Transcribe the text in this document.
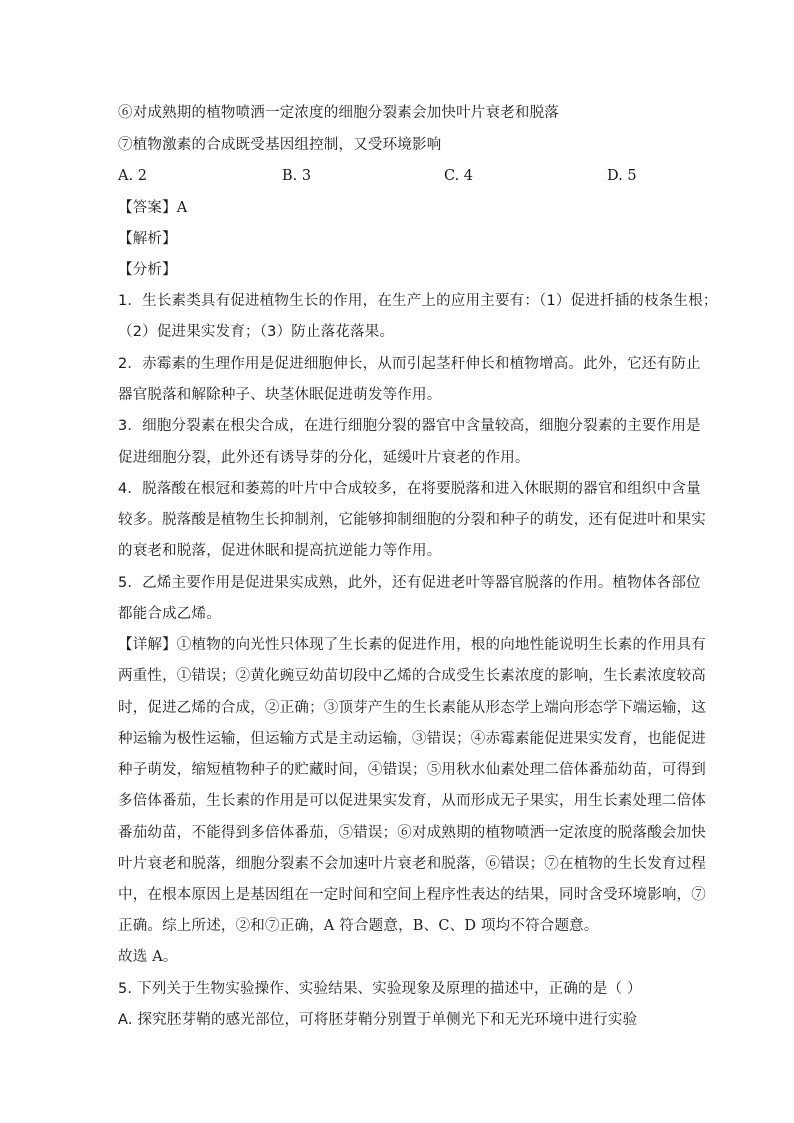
⑥对成熟期的植物喷洒一定浓度的细胞分裂素会加快叶片衰老和脱落
⑦植物激素的合成既受基因组控制，又受环境影响
A. 2	B. 3	C. 4	D. 5
【答案】A
【解析】
【分析】
1．生长素类具有促进植物生长的作用，在生产上的应用主要有：（1）促进扦插的枝条生根；
（2）促进果实发育；（3）防止落花落果。
2．赤霉素的生理作用是促进细胞伸长，从而引起茎秆伸长和植物增高。此外，它还有防止
器官脱落和解除种子、块茎休眠促进萌发等作用。
3．细胞分裂素在根尖合成，在进行细胞分裂的器官中含量较高，细胞分裂素的主要作用是
促进细胞分裂，此外还有诱导芽的分化，延缓叶片衰老的作用。
4．脱落酸在根冠和萎蔫的叶片中合成较多，在将要脱落和进入休眠期的器官和组织中含量
较多。脱落酸是植物生长抑制剂，它能够抑制细胞的分裂和种子的萌发，还有促进叶和果实
的衰老和脱落，促进休眠和提高抗逆能力等作用。
5．乙烯主要作用是促进果实成熟，此外，还有促进老叶等器官脱落的作用。植物体各部位
都能合成乙烯。
【详解】①植物的向光性只体现了生长素的促进作用，根的向地性能说明生长素的作用具有
两重性，①错误；②黄化豌豆幼苗切段中乙烯的合成受生长素浓度的影响，生长素浓度较高
时，促进乙烯的合成，②正确；③顶芽产生的生长素能从形态学上端向形态学下端运输，这
种运输为极性运输，但运输方式是主动运输，③错误；④赤霉素能促进果实发育，也能促进
种子萌发，缩短植物种子的贮藏时间，④错误；⑤用秋水仙素处理二倍体番茄幼苗，可得到
多倍体番茄，生长素的作用是可以促进果实发育，从而形成无子果实，用生长素处理二倍体
番茄幼苗，不能得到多倍体番茄，⑤错误；⑥对成熟期的植物喷洒一定浓度的脱落酸会加快
叶片衰老和脱落，细胞分裂素不会加速叶片衰老和脱落，⑥错误；⑦在植物的生长发育过程
中，在根本原因上是基因组在一定时间和空间上程序性表达的结果，同时含受环境影响，⑦
正确。综上所述，②和⑦正确，A 符合题意，B、C、D 项均不符合题意。
故选 A。
5. 下列关于生物实验操作、实验结果、实验现象及原理的描述中，正确的是（ ）
A. 探究胚芽鞘的感光部位，可将胚芽鞘分别置于单侧光下和无光环境中进行实验
